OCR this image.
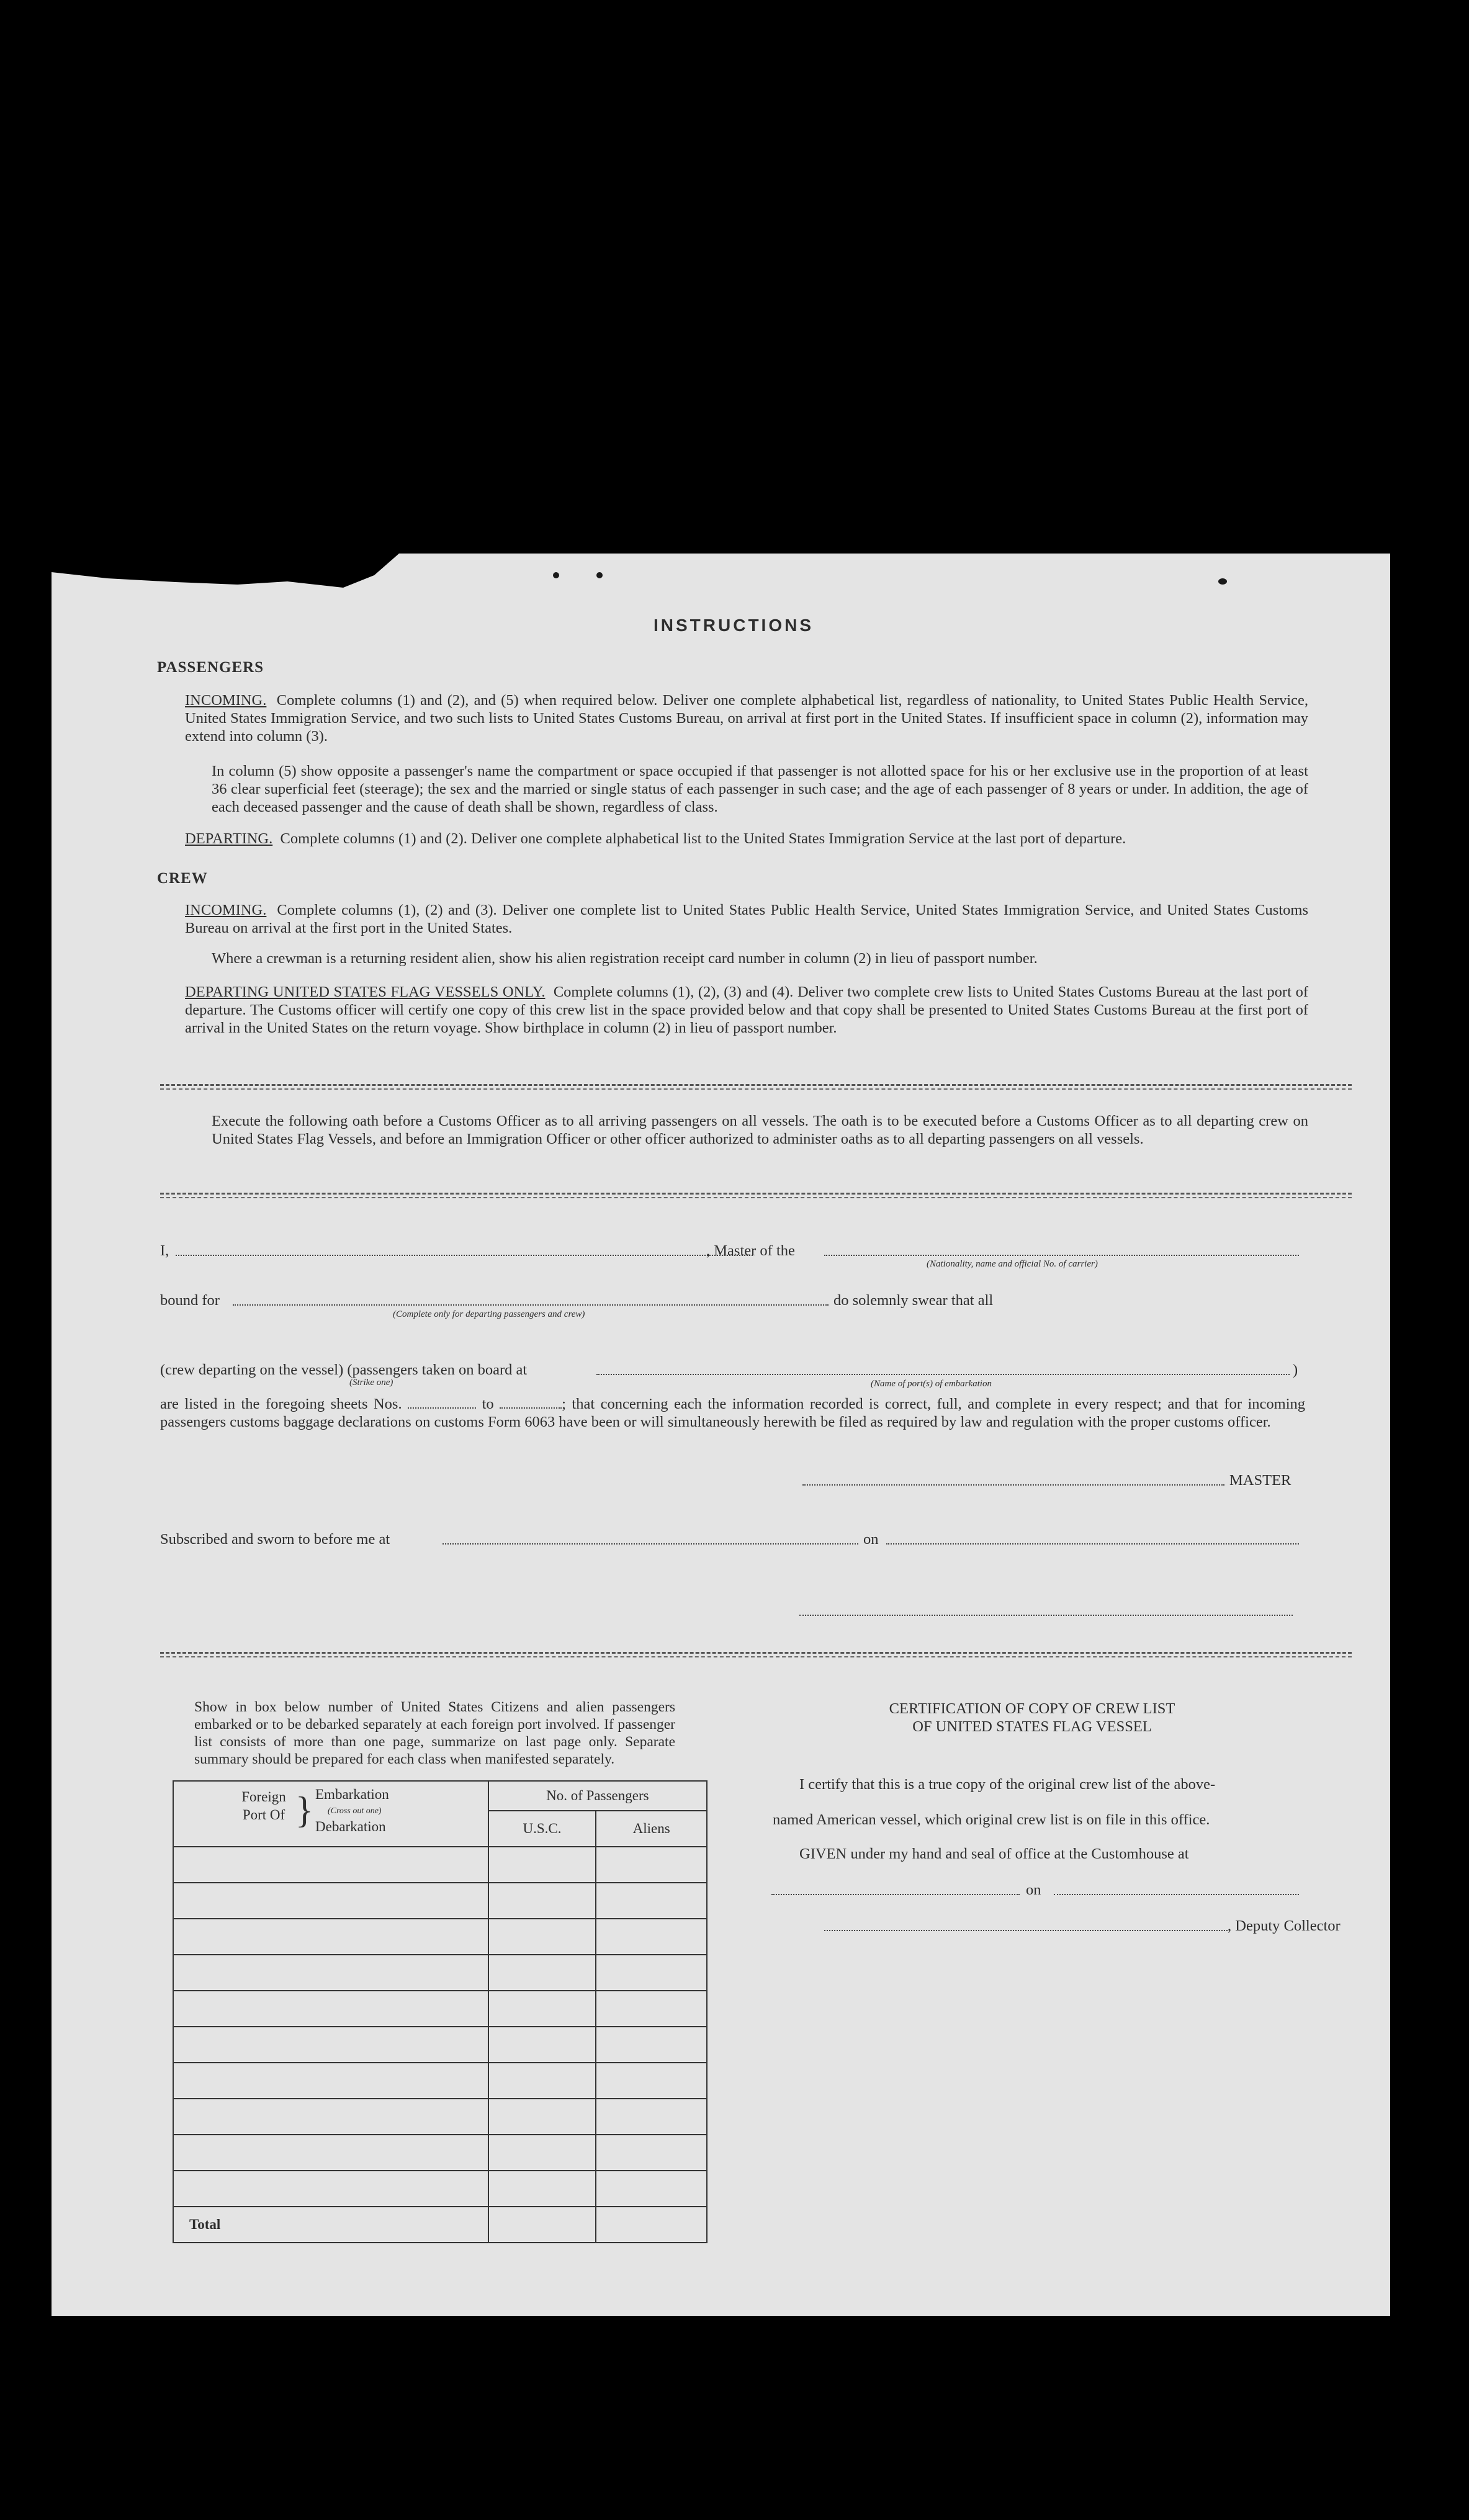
INSTRUCTIONS
PASSENGERS
INCOMING. Complete columns (1) and (2), and (5) when required below. Deliver one complete alphabetical list, regardless of nationality, to United States Public Health Service, United States Immigration Service, and two such lists to United States Customs Bureau, on arrival at first port in the United States. If insufficient space in column (2), information may extend into column (3).
In column (5) show opposite a passenger's name the compartment or space occupied if that passenger is not allotted space for his or her exclusive use in the proportion of at least 36 clear superficial feet (steerage); the sex and the married or single status of each passenger in such case; and the age of each passenger of 8 years or under. In addition, the age of each deceased passenger and the cause of death shall be shown, regardless of class.
DEPARTING. Complete columns (1) and (2). Deliver one complete alphabetical list to the United States Immigration Service at the last port of departure.
CREW
INCOMING. Complete columns (1), (2) and (3). Deliver one complete list to United States Public Health Service, United States Immigration Service, and United States Customs Bureau on arrival at the first port in the United States.
Where a crewman is a returning resident alien, show his alien registration receipt card number in column (2) in lieu of passport number.
DEPARTING UNITED STATES FLAG VESSELS ONLY. Complete columns (1), (2), (3) and (4). Deliver two complete crew lists to United States Customs Bureau at the last port of departure. The Customs officer will certify one copy of this crew list in the space provided below and that copy shall be presented to United States Customs Bureau at the first port of arrival in the United States on the return voyage. Show birthplace in column (2) in lieu of passport number.
Execute the following oath before a Customs Officer as to all arriving passengers on all vessels. The oath is to be executed before a Customs Officer as to all departing crew on United States Flag Vessels, and before an Immigration Officer or other officer authorized to administer oaths as to all departing passengers on all vessels.
I,	, Master of the
(Nationality, name and official No. of carrier)
bound for
(Complete only for departing passengers and crew)
do solemnly swear that all
(crew departing on the vessel) (passengers taken on board at
(Strike one)	(Name of port(s) of embarkation
)
are listed in the foregoing sheets Nos.	to	; that concerning each the information recorded is correct, full, and complete in every respect; and that for incoming passengers customs baggage declarations on customs Form 6063 have been or will simultaneously herewith be filed as required by law and regulation with the proper customs officer.
MASTER
Subscribed and sworn to before me at	on
Show in box below number of United States Citizens and alien passengers embarked or to be debarked separately at each foreign port involved. If passenger list consists of more than one page, summarize on last page only. Separate summary should be prepared for each class when manifested separately.
Foreign Port Of } Embarkation
(Cross out one)
Debarkation	No. of Passengers	
	U.S.C.	Aliens

Total		
CERTIFICATION OF COPY OF CREW LIST
OF UNITED STATES FLAG VESSEL
I certify that this is a true copy of the original crew list of the above-
named American vessel, which original crew list is on file in this office.
GIVEN under my hand and seal of office at the Customhouse at
on
, Deputy Collector
